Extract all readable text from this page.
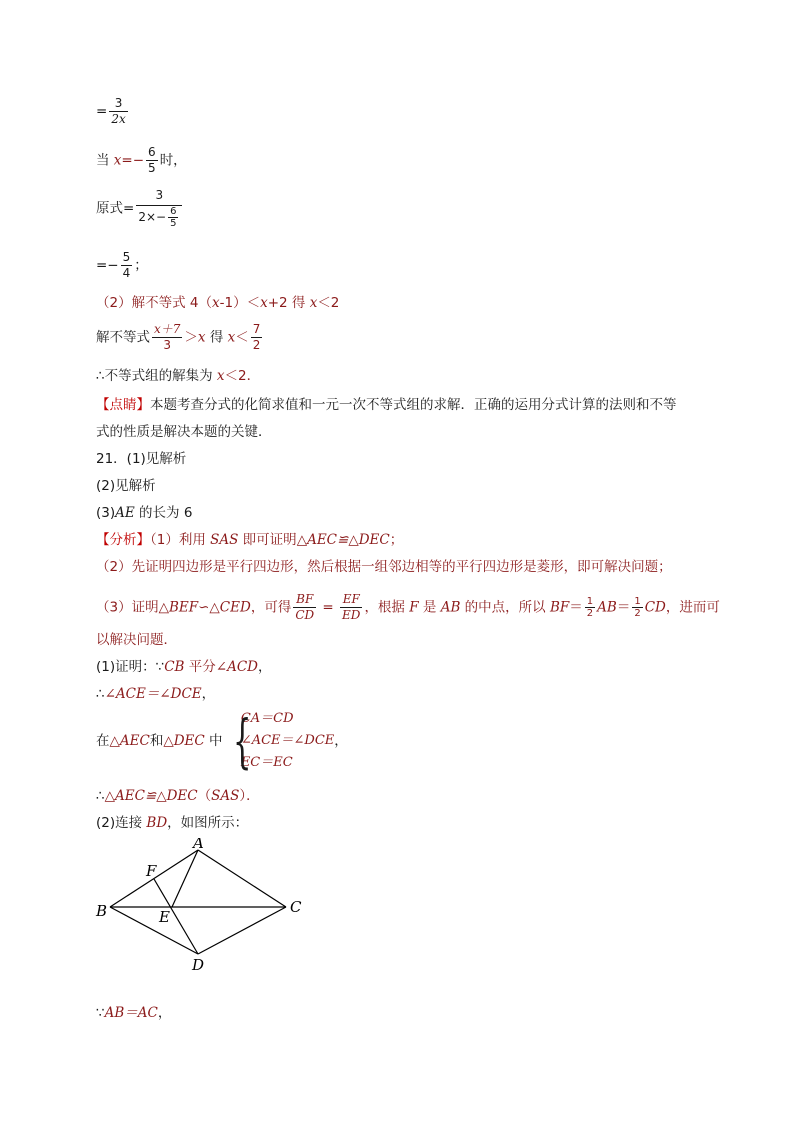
= $\frac{3}{2x}$
当 $x=- \frac{6}{5}$ 时，
原式= $\frac{3}{2\times- \frac{6}{5}}$
=− $\frac{5}{4}$ ；
（2）解不等式 4（x-1）＜x+2 得 x＜2
解不等式 $\frac{x+7}{3} >x$ 得 $x< \frac{7}{2}$
∴不等式组的解集为 x＜2．
【点睛】本题考查分式的化简求值和一元一次不等式组的求解．正确的运用分式计算的法则和不等
式的性质是解决本题的关键．
21．(1)见解析
(2)见解析
(3)AE 的长为 6
【分析】（1）利用 SAS 即可证明△AEC≌△DEC；
（2）先证明四边形是平行四边形，然后根据一组邻边相等的平行四边形是菱形，即可解决问题；
（3）证明△BEF∽△CED，可得 $\frac{BF}{CD} = \frac{EF}{ED}$ ，根据 F 是 AB 的中点，所以 $BF= \frac{1}{2} AB= \frac{1}{2}$ CD，进而可
以解决问题．
(1)证明：∵CB 平分∠ACD，
∴∠ACE＝∠DCE，
在△AEC和△DEC 中 {
CA＝CD
∠ACE＝∠DCE
EC＝EC
，
∴△AEC≌△DEC（SAS）．
(2)连接 BD，如图所示：
A
B	C
D
E
F
∵AB＝AC，
